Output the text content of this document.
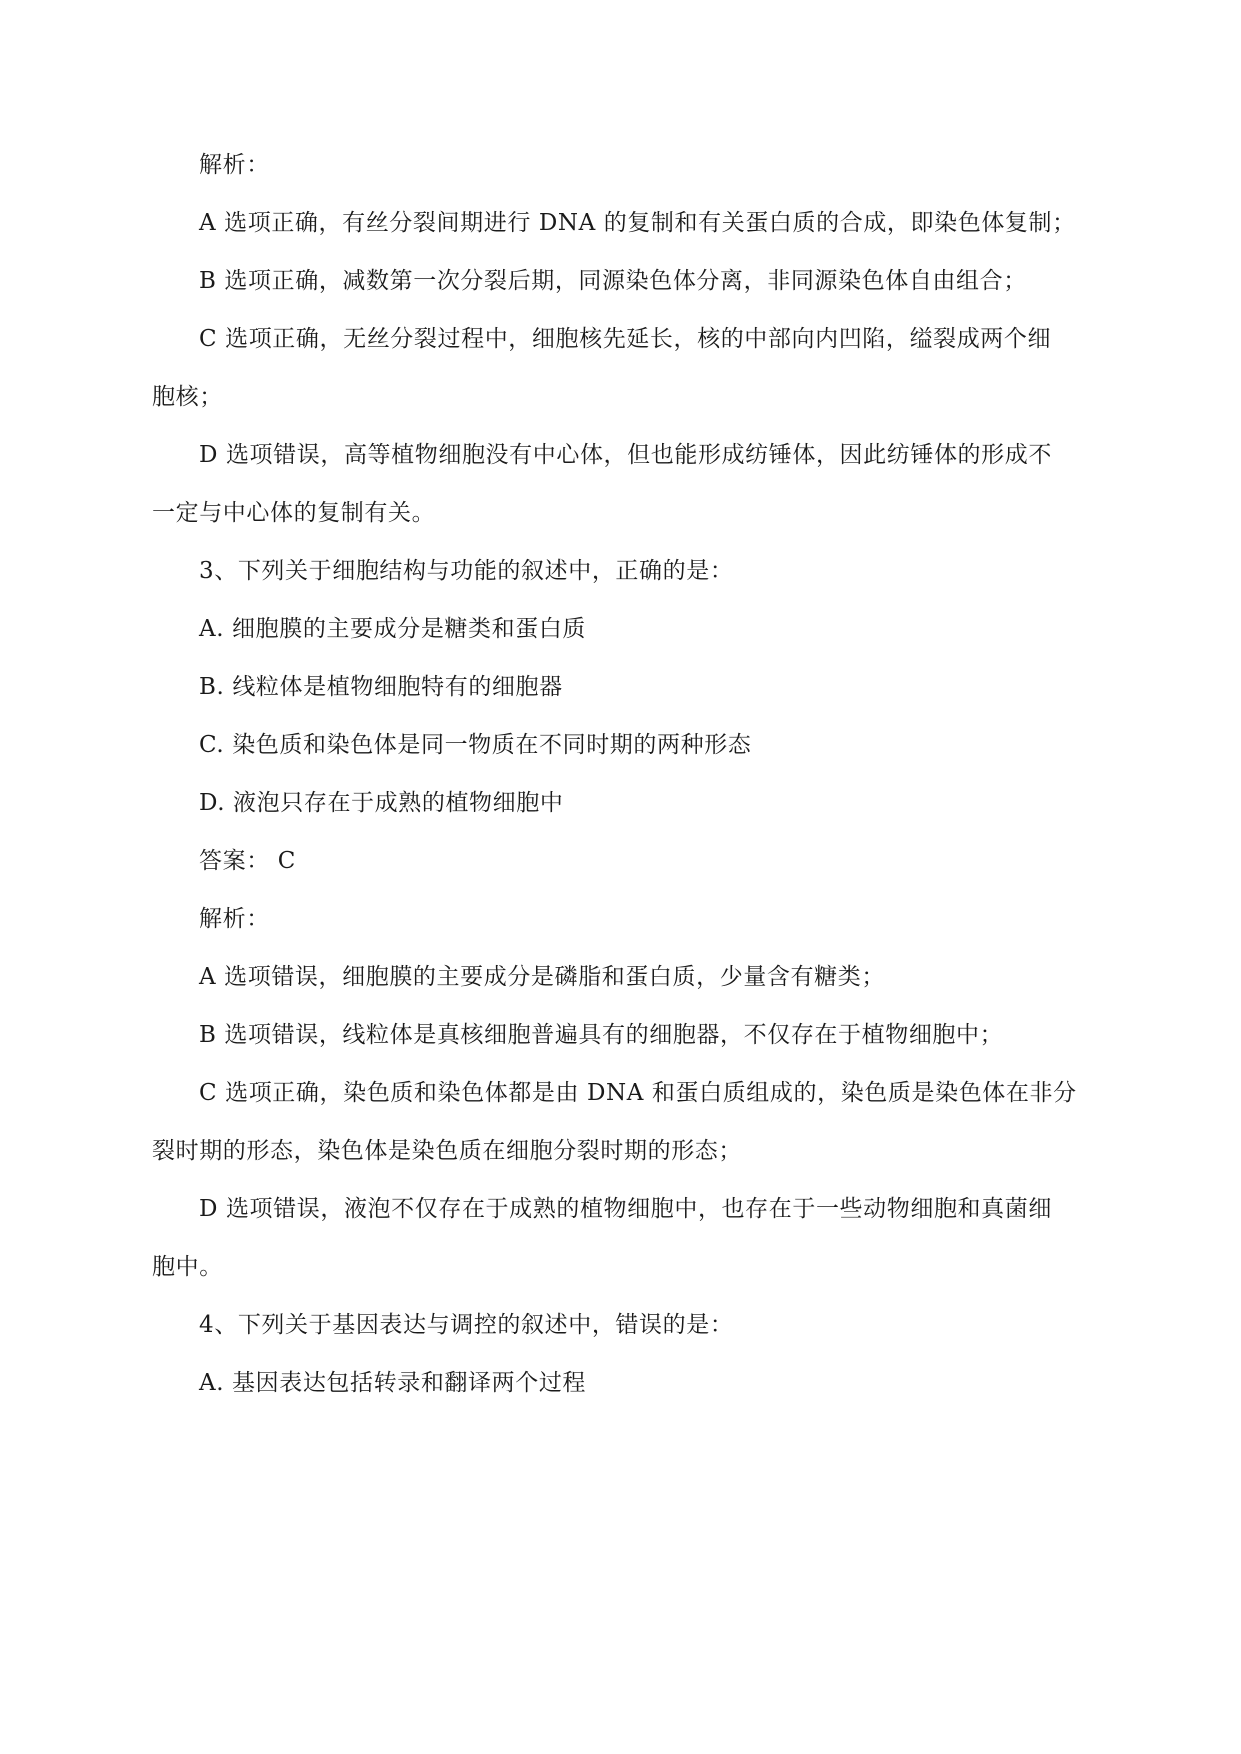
解析：
A 选项正确，有丝分裂间期进行 DNA 的复制和有关蛋白质的合成，即染色体复制；
B 选项正确，减数第一次分裂后期，同源染色体分离，非同源染色体自由组合；
C 选项正确，无丝分裂过程中，细胞核先延长，核的中部向内凹陷，缢裂成两个细
胞核；
D 选项错误，高等植物细胞没有中心体，但也能形成纺锤体，因此纺锤体的形成不
一定与中心体的复制有关。
3、下列关于细胞结构与功能的叙述中，正确的是：
A. 细胞膜的主要成分是糖类和蛋白质
B. 线粒体是植物细胞特有的细胞器
C. 染色质和染色体是同一物质在不同时期的两种形态
D. 液泡只存在于成熟的植物细胞中
答案： C
解析：
A 选项错误，细胞膜的主要成分是磷脂和蛋白质，少量含有糖类；
B 选项错误，线粒体是真核细胞普遍具有的细胞器，不仅存在于植物细胞中；
C 选项正确，染色质和染色体都是由 DNA 和蛋白质组成的，染色质是染色体在非分
裂时期的形态，染色体是染色质在细胞分裂时期的形态；
D 选项错误，液泡不仅存在于成熟的植物细胞中，也存在于一些动物细胞和真菌细
胞中。
4、下列关于基因表达与调控的叙述中，错误的是：
A. 基因表达包括转录和翻译两个过程
